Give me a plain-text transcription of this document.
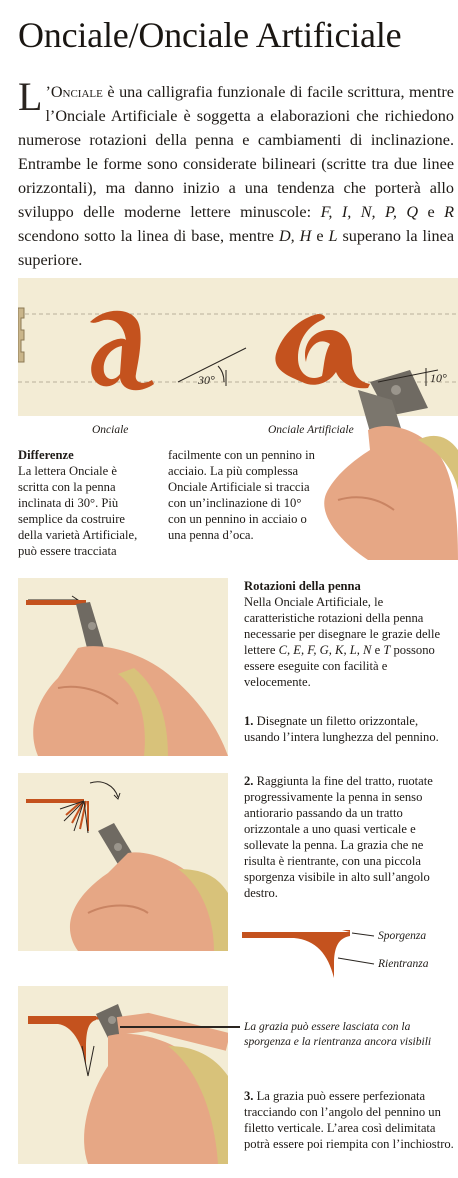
Onciale/Onciale Artificiale
L ’Onciale è una calligrafia funzionale di facile scrittura, mentre l’Onciale Artificiale è soggetta a elaborazioni che richiedono numerose rotazioni della penna e cambiamenti di inclinazione. Entrambe le forme sono considerate bilineari (scritte tra due linee orizzontali), ma danno inizio a una tendenza che porterà allo sviluppo delle moderne lettere minuscole: F, I, N, P, Q e R scendono sotto la linea di base, mentre D, H e L superano la linea superiore.
30°	10°
Onciale	Onciale Artificiale
Differenze
La lettera Onciale è scritta con la penna inclinata di 30°. Più semplice da costruire della varietà Artificiale, può essere tracciata
facilmente con un pennino in acciaio. La più complessa Onciale Artificiale si traccia con un’inclinazione di 10° con un pennino in acciaio o una penna d’oca.
Rotazioni della penna
Nella Onciale Artificiale, le caratteristiche rotazioni della penna necessarie per disegnare le grazie delle lettere C, E, F, G, K, L, N e T possono essere eseguite con facilità e velocemente.
1. Disegnate un filetto orizzontale, usando l’intera lunghezza del pennino.
2. Raggiunta la fine del tratto, ruotate progressivamente la penna in senso antiorario passando da un tratto orizzontale a uno quasi verticale e sollevate la penna. La grazia che ne risulta è rientrante, con una piccola sporgenza visibile in alto sull’angolo destro.
Sporgenza
Rientranza
La grazia può essere lasciata con la sporgenza e la rientranza ancora visibili
3. La grazia può essere perfezionata tracciando con l’angolo del pennino un filetto verticale. L’area così delimitata potrà essere poi riempita con l’inchiostro.
